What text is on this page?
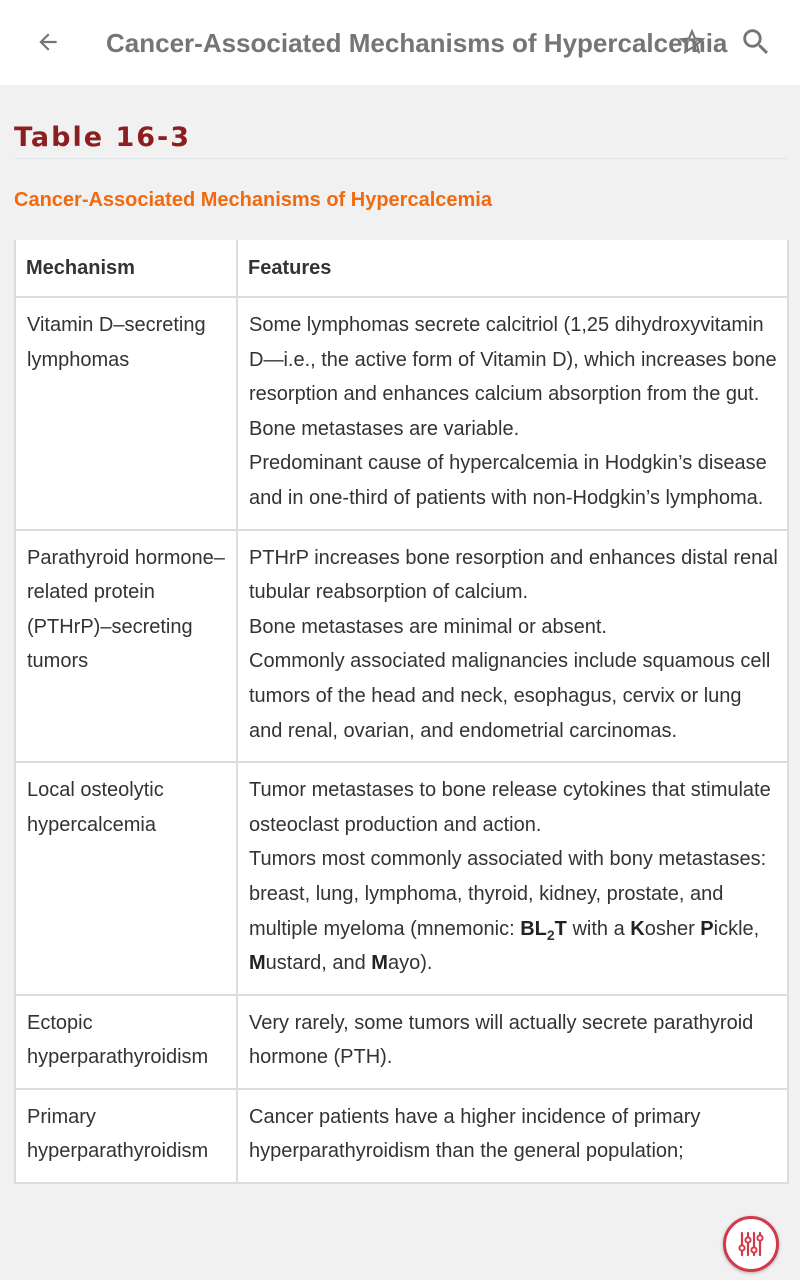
Cancer-Associated Mechanisms of Hypercalcemia
Table 16-3
Cancer-Associated Mechanisms of Hypercalcemia
Mechanism	Features
Vitamin D–secreting lymphomas	Some lymphomas secrete calcitriol (1,25 dihydroxyvitamin D—i.e., the active form of Vitamin D), which increases bone resorption and enhances calcium absorption from the gut.
Bone metastases are variable.
Predominant cause of hypercalcemia in Hodgkin’s disease and in one-third of patients with non-Hodgkin’s lymphoma.

Parathyroid hormone–related protein (PTHrP)–secreting tumors	PTHrP increases bone resorption and enhances distal renal tubular reabsorption of calcium.
Bone metastases are minimal or absent.
Commonly associated malignancies include squamous cell tumors of the head and neck, esophagus, cervix or lung and renal, ovarian, and endometrial carcinomas.

Local osteolytic hypercalcemia	Tumor metastases to bone release cytokines that stimulate osteoclast production and action.
Tumors most commonly associated with bony metastases: breast, lung, lymphoma, thyroid, kidney, prostate, and multiple myeloma (mnemonic: $BL_2T$ with a Kosher Pickle, Mustard, and Mayo).

Ectopic hyperparathyroidism	Very rarely, some tumors will actually secrete parathyroid hormone (PTH).

Primary hyperparathyroidism	Cancer patients have a higher incidence of primary hyperparathyroidism than the general population;
